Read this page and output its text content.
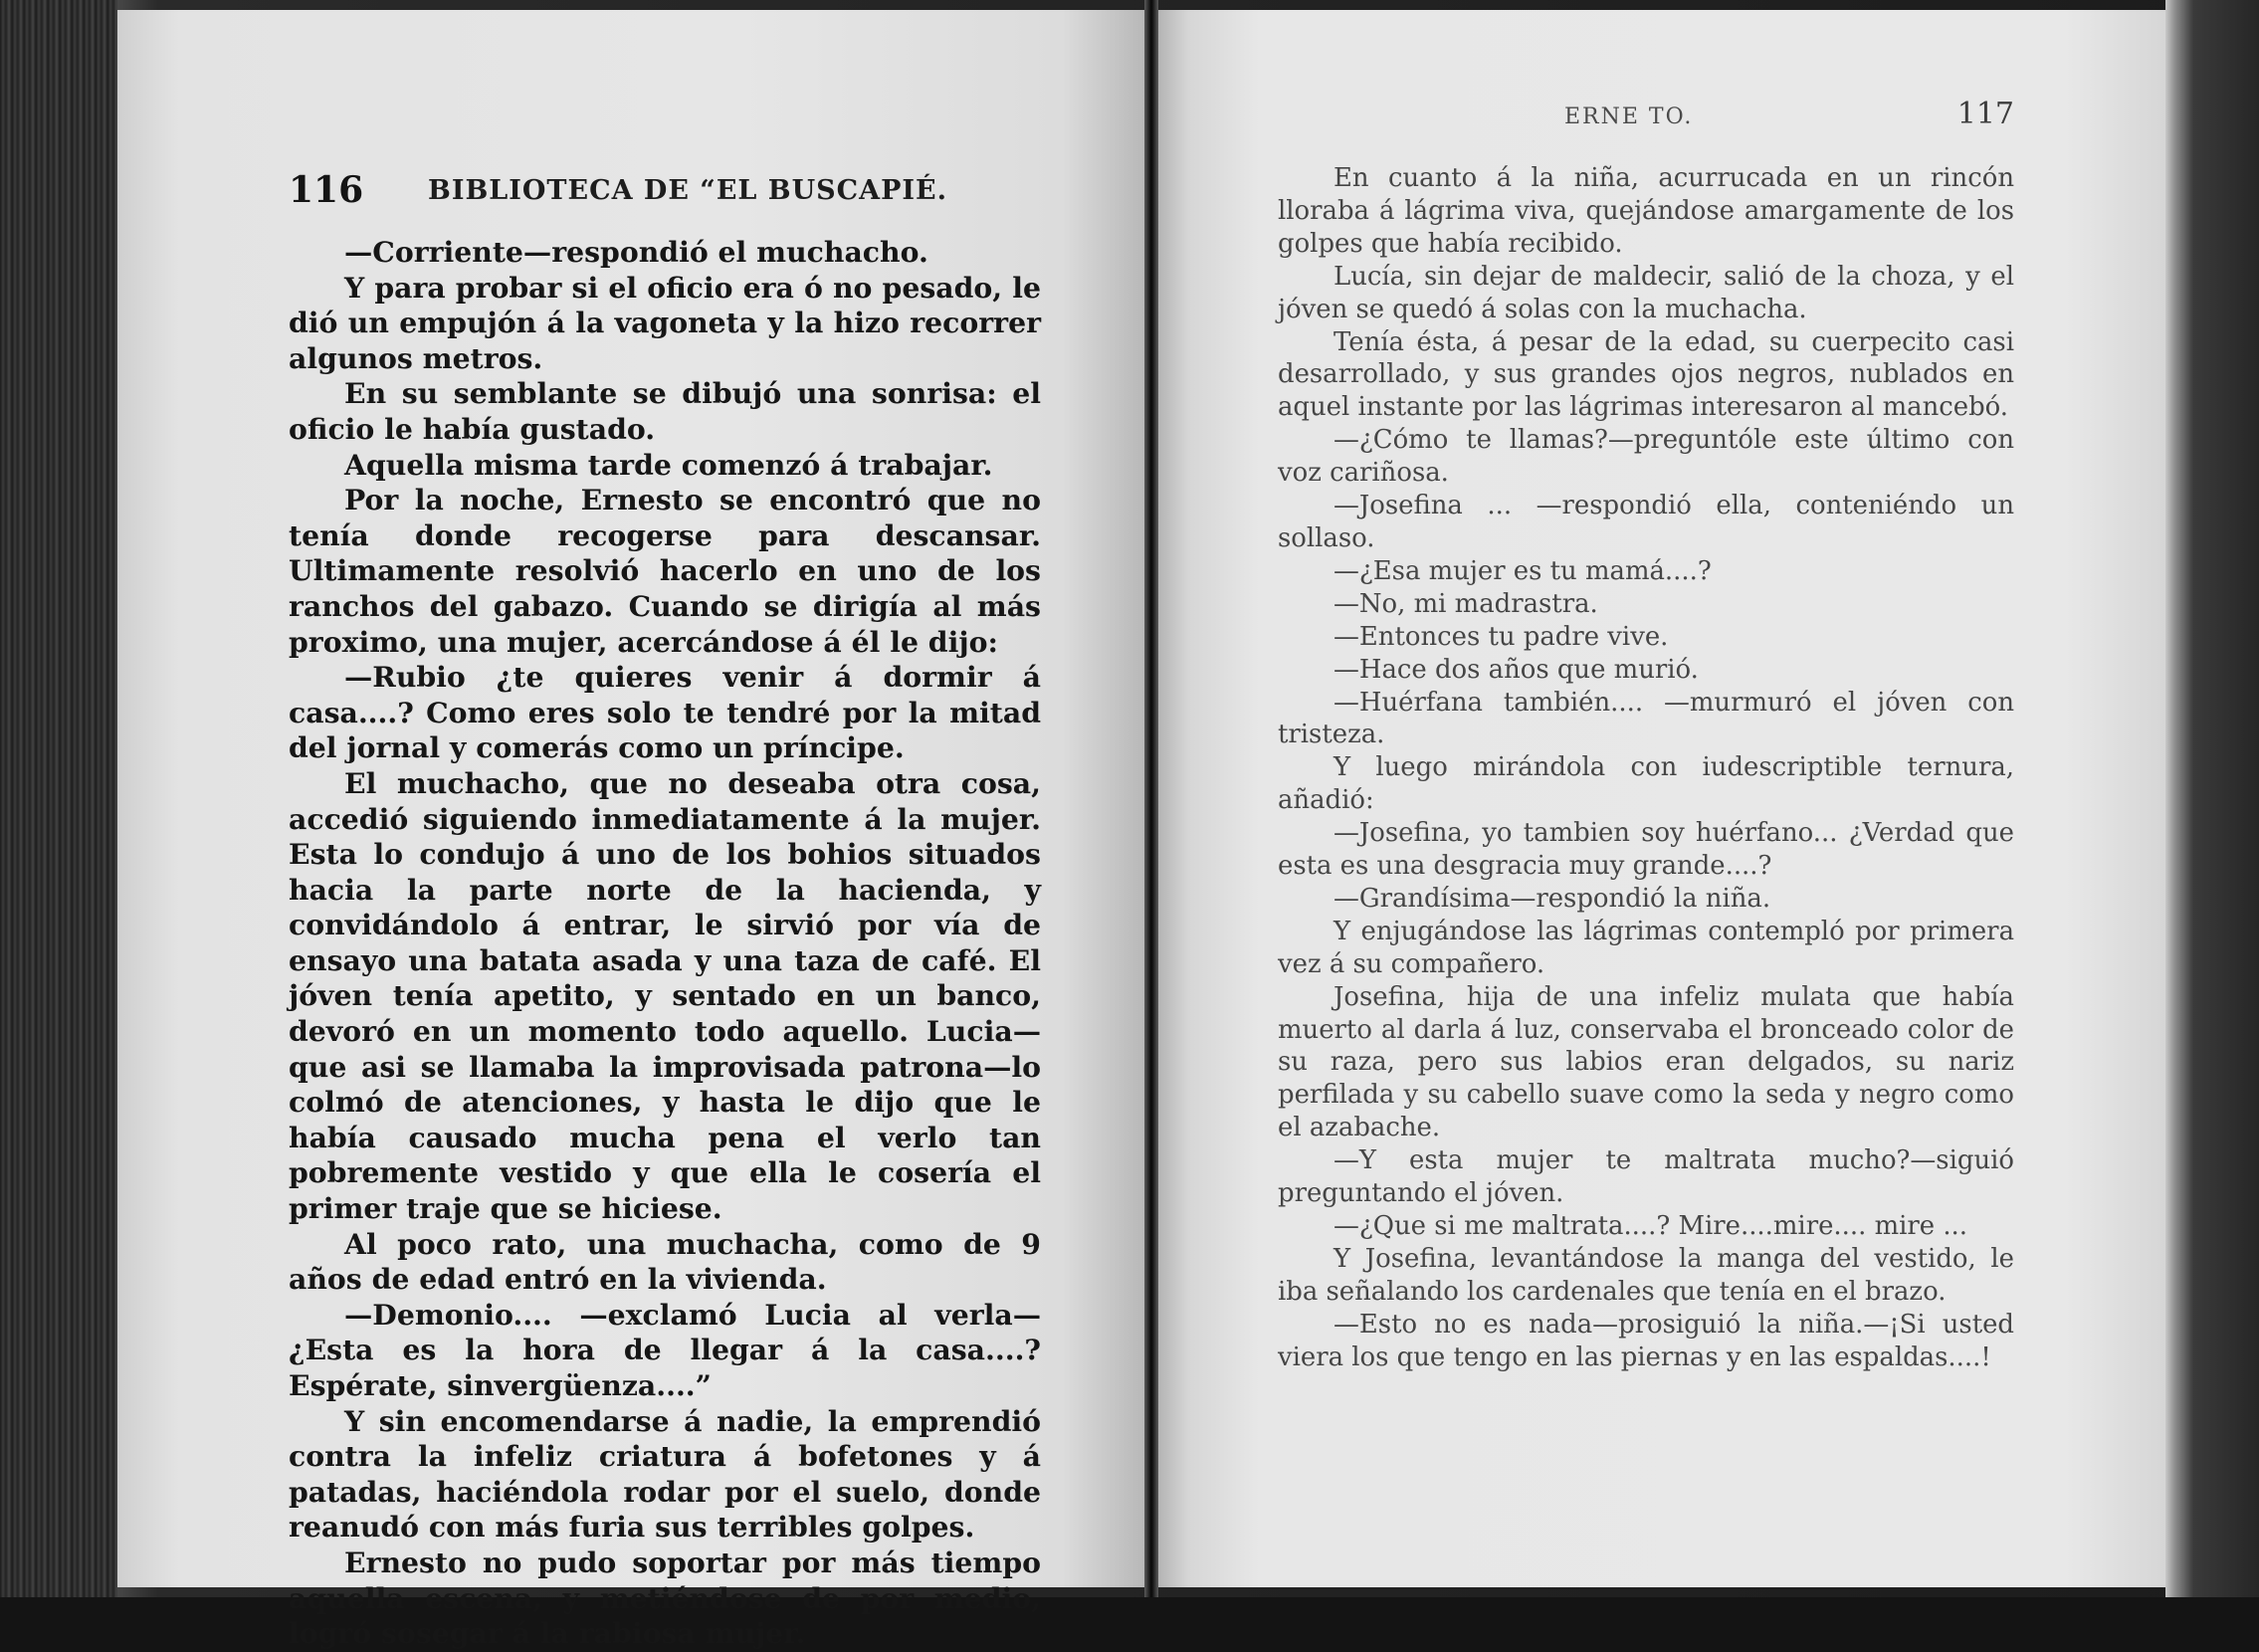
116 BIBLIOTECA DE “EL BUSCAPIÉ.

—Corriente—respondió el muchacho.

Y para probar si el oficio era ó no pesado, le dió un empujón á la vagoneta y la hizo recorrer algunos metros.

En su semblante se dibujó una sonrisa: el oficio le había gustado.

Aquella misma tarde comenzó á trabajar.

Por la noche, Ernesto se encontró que no tenía donde recogerse para descansar. Ultimamente resolvió hacerlo en uno de los ranchos del gabazo. Cuando se dirigía al más proximo, una mujer, acercándose á él le dijo:

—Rubio ¿te quieres venir á dormir á casa....? Como eres solo te tendré por la mitad del jornal y comerás como un príncipe.

El muchacho, que no deseaba otra cosa, accedió siguiendo inmediatamente á la mujer. Esta lo condujo á uno de los bohios situados hacia la parte norte de la hacienda, y convidándolo á entrar, le sirvió por vía de ensayo una batata asada y una taza de café. El jóven tenía apetito, y sentado en un banco, devoró en un momento todo aquello. Lucia—que asi se llamaba la improvisada patrona—lo colmó de atenciones, y hasta le dijo que le había causado mucha pena el verlo tan pobremente vestido y que ella le cosería el primer traje que se hiciese.

Al poco rato, una muchacha, como de 9 años de edad entró en la vivienda.

—Demonio.... —exclamó Lucia al verla—¿Esta es la hora de llegar á la casa....? Espérate, sinvergüenza....”

Y sin encomendarse á nadie, la emprendió contra la infeliz criatura á bofetones y á patadas, haciéndola rodar por el suelo, donde reanudó con más furia sus terribles golpes.

Ernesto no pudo soportar por más tiempo aquella escena, y metiéndose de por medio, logró sosegar á la rabiosa mujer.

ERNE TO.	117

En cuanto á la niña, acurrucada en un rincón lloraba á lágrima viva, quejándose amargamente de los golpes que había recibido.

Lucía, sin dejar de maldecir, salió de la choza, y el jóven se quedó á solas con la muchacha.

Tenía ésta, á pesar de la edad, su cuerpecito casi desarrollado, y sus grandes ojos negros, nublados en aquel instante por las lágrimas interesaron al mancebó.

—¿Cómo te llamas?—preguntóle este último con voz cariñosa.

—Josefina ... —respondió ella, conteniéndo un sollaso.

—¿Esa mujer es tu mamá....?

—No, mi madrastra.

—Entonces tu padre vive.

—Hace dos años que murió.

—Huérfana también.... —murmuró el jóven con tristeza.

Y luego mirándola con iudescriptible ternura, añadió:

—Josefina, yo tambien soy huérfano... ¿Verdad que esta es una desgracia muy grande....?

—Grandísima—respondió la niña.

Y enjugándose las lágrimas contempló por primera vez á su compañero.

Josefina, hija de una infeliz mulata que había muerto al darla á luz, conservaba el bronceado color de su raza, pero sus labios eran delgados, su nariz perfilada y su cabello suave como la seda y negro como el azabache.

—Y esta mujer te maltrata mucho?—siguió preguntando el jóven.

—¿Que si me maltrata....? Mire....mire.... mire ...

Y Josefina, levantándose la manga del vestido, le iba señalando los cardenales que tenía en el brazo.

—Esto no es nada—prosiguió la niña.—¡Si usted viera los que tengo en las piernas y en las espaldas....!
